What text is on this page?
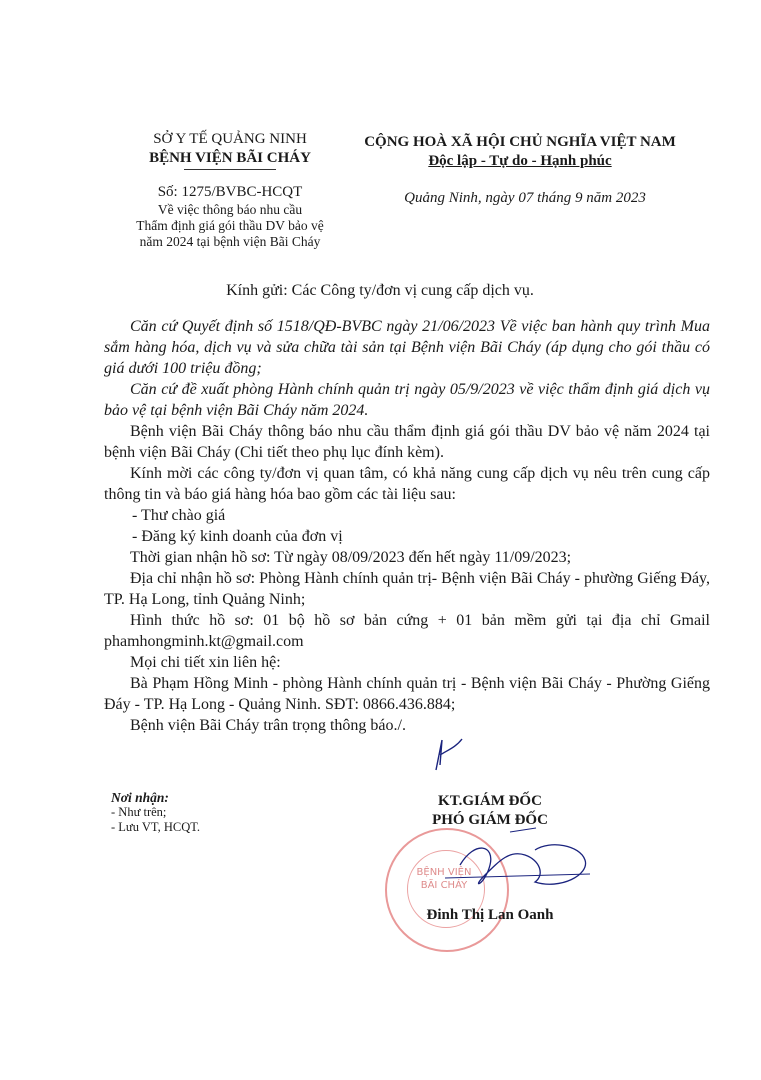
SỞ Y TẾ QUẢNG NINH
BỆNH VIỆN BÃI CHÁY
Số: 1275/BVBC-HCQT
Về việc thông báo nhu cầu
Thẩm định giá gói thầu DV bảo vệ
năm 2024 tại bệnh viện Bãi Cháy
CỘNG HOÀ XÃ HỘI CHỦ NGHĨA VIỆT NAM
Độc lập - Tự do - Hạnh phúc
Quảng Ninh, ngày 07 tháng 9 năm 2023
Kính gửi: Các Công ty/đơn vị cung cấp dịch vụ.

Căn cứ Quyết định số 1518/QĐ-BVBC ngày 21/06/2023 Về việc ban hành quy trình Mua sắm hàng hóa, dịch vụ và sửa chữa tài sản tại Bệnh viện Bãi Cháy (áp dụng cho gói thầu có giá dưới 100 triệu đồng;

Căn cứ đề xuất phòng Hành chính quản trị ngày 05/9/2023 về việc thẩm định giá dịch vụ bảo vệ tại bệnh viện Bãi Cháy năm 2024.

Bệnh viện Bãi Cháy thông báo nhu cầu thẩm định giá gói thầu DV bảo vệ năm 2024 tại bệnh viện Bãi Cháy (Chi tiết theo phụ lục đính kèm).

Kính mời các công ty/đơn vị quan tâm, có khả năng cung cấp dịch vụ nêu trên cung cấp thông tin và báo giá hàng hóa bao gồm các tài liệu sau:

- Thư chào giá

- Đăng ký kinh doanh của đơn vị

Thời gian nhận hồ sơ: Từ ngày 08/09/2023 đến hết ngày 11/09/2023;

Địa chỉ nhận hồ sơ: Phòng Hành chính quản trị- Bệnh viện Bãi Cháy - phường Giếng Đáy, TP. Hạ Long, tỉnh Quảng Ninh;

Hình thức hồ sơ: 01 bộ hồ sơ bản cứng + 01 bản mềm gửi tại địa chỉ Gmail phamhongminh.kt@gmail.com

Mọi chi tiết xin liên hệ:

Bà Phạm Hồng Minh - phòng Hành chính quản trị - Bệnh viện Bãi Cháy - Phường Giếng Đáy - TP. Hạ Long - Quảng Ninh. SĐT: 0866.436.884;

Bệnh viện Bãi Cháy trân trọng thông báo./.

Nơi nhận:
- Như trên;
- Lưu VT, HCQT.
KT.GIÁM ĐỐC
PHÓ GIÁM ĐỐC
BỆNH VIỆN
BÃI CHÁY
Đinh Thị Lan Oanh
